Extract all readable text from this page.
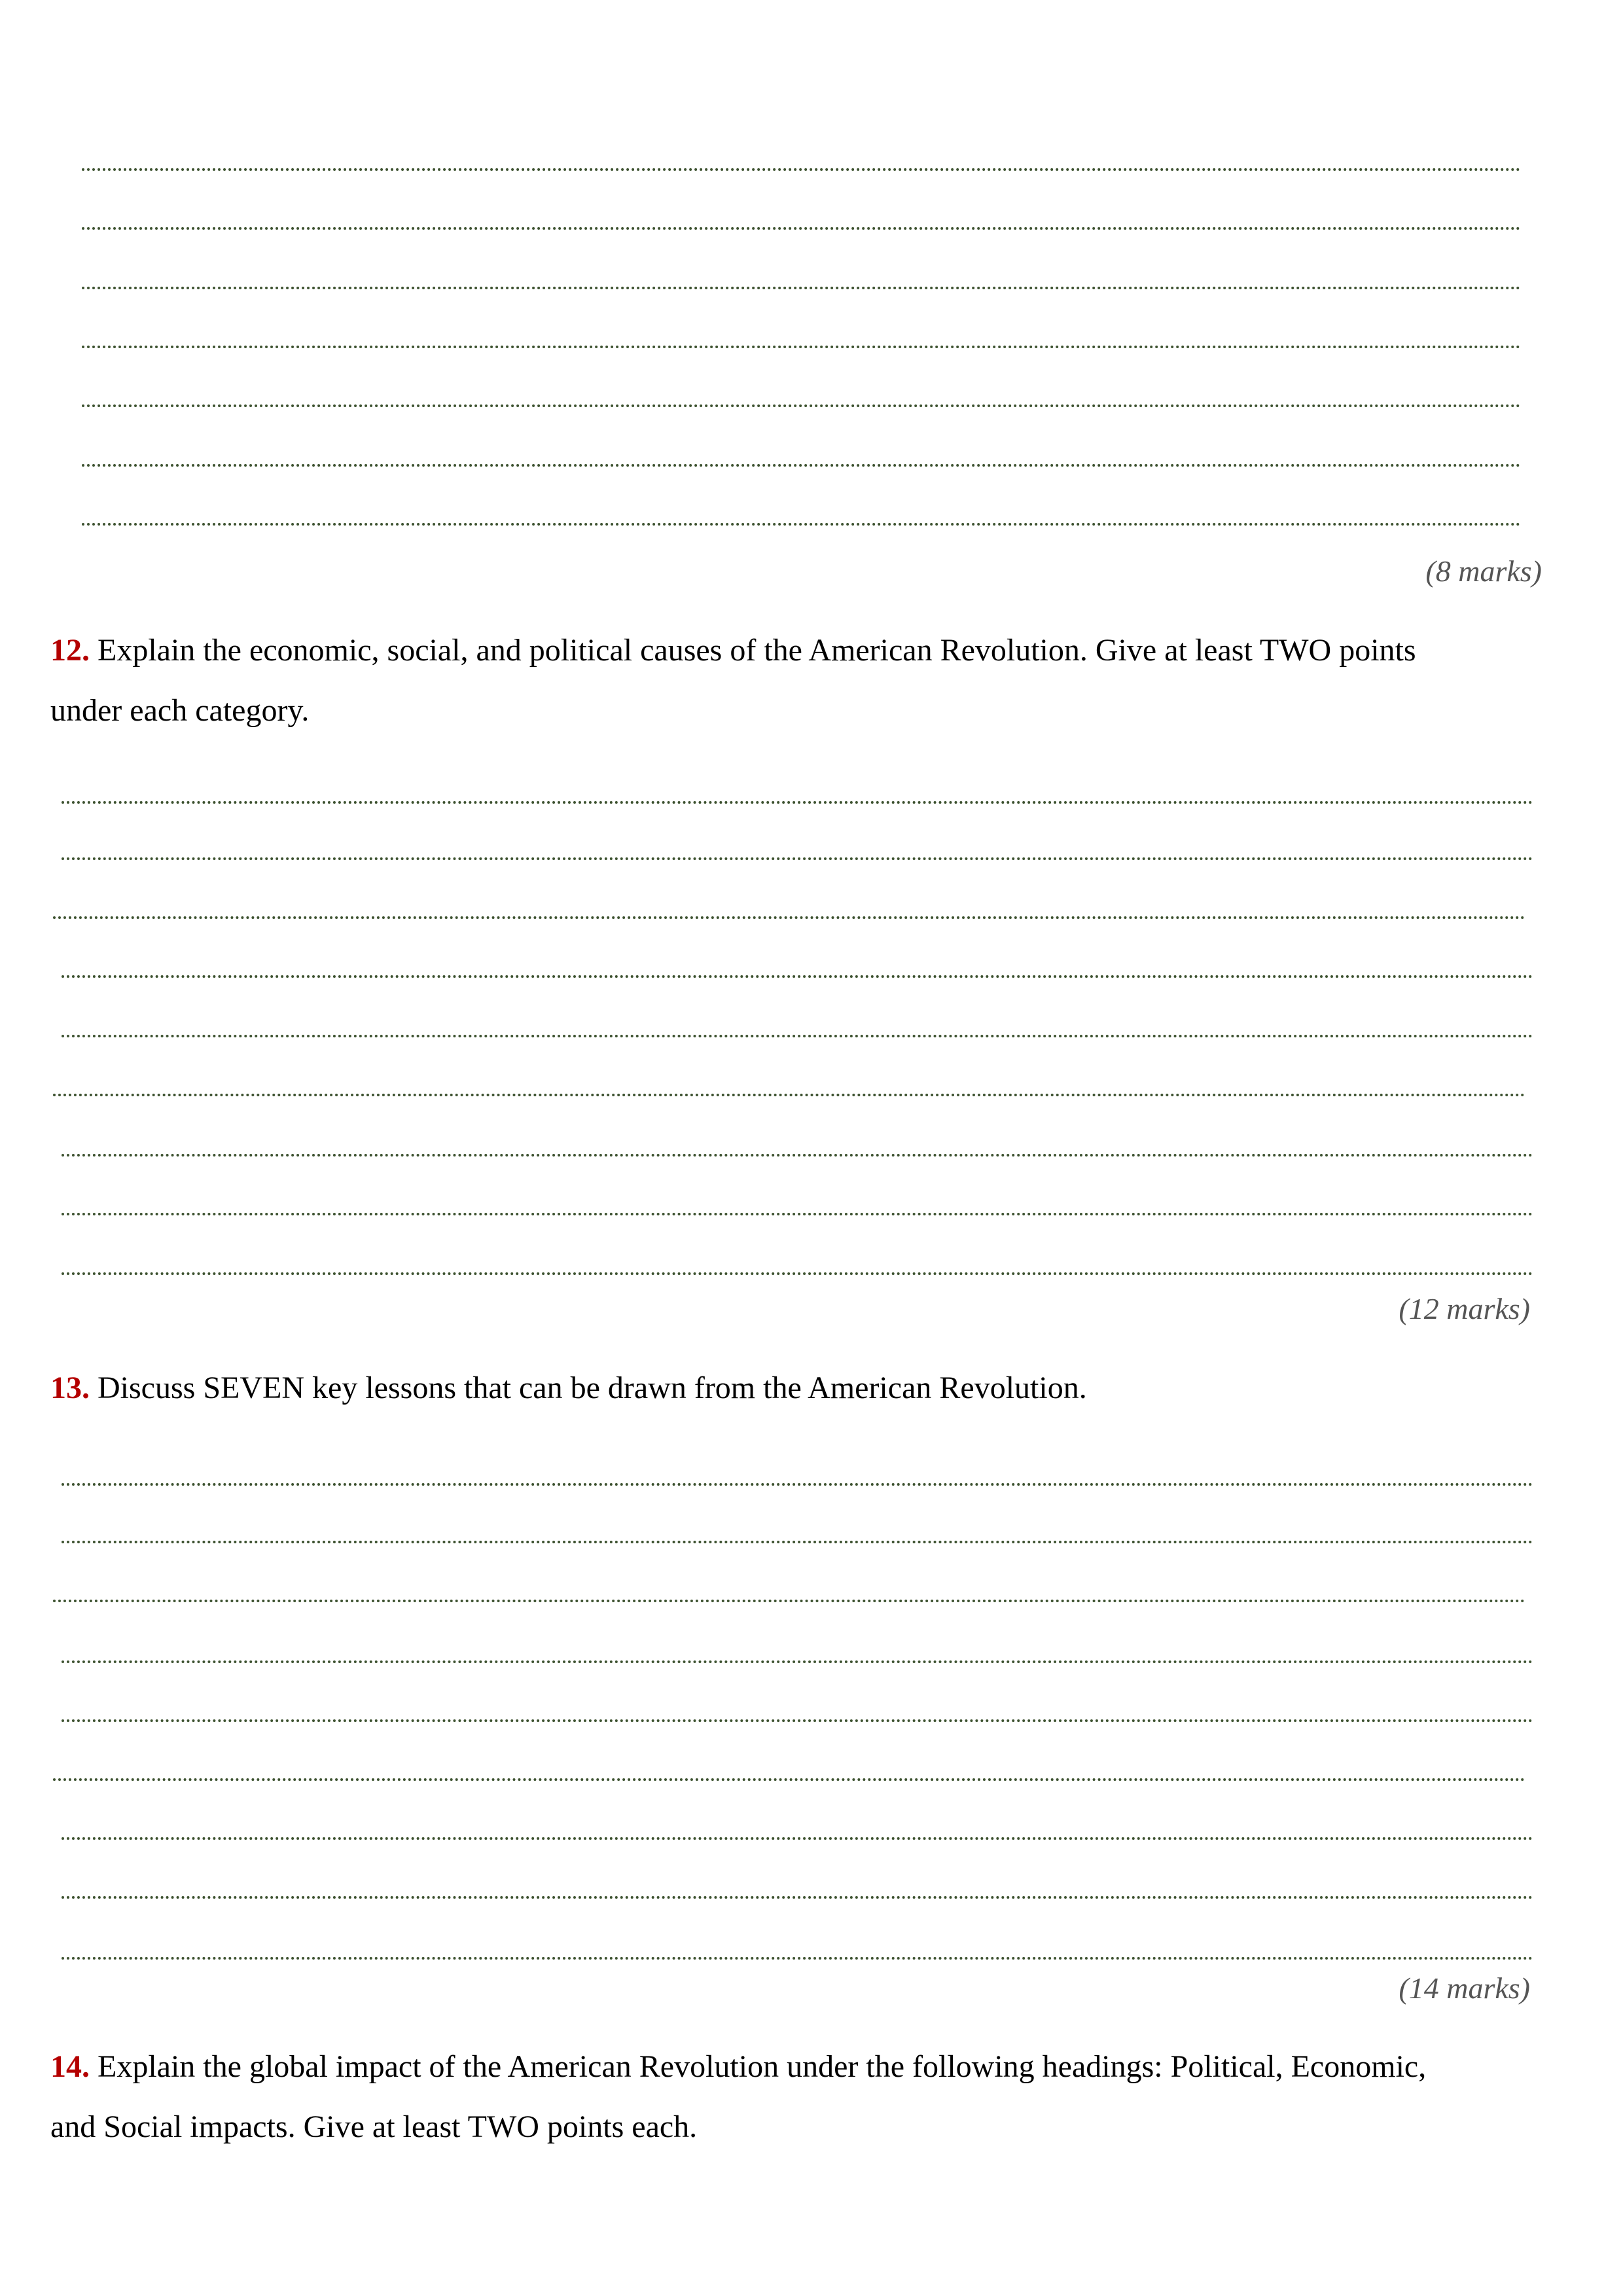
(8 marks)
12. Explain the economic, social, and political causes of the American Revolution. Give at least TWO points
under each category.
(12 marks)
13. Discuss SEVEN key lessons that can be drawn from the American Revolution.
(14 marks)
14. Explain the global impact of the American Revolution under the following headings: Political, Economic,
and Social impacts. Give at least TWO points each.
